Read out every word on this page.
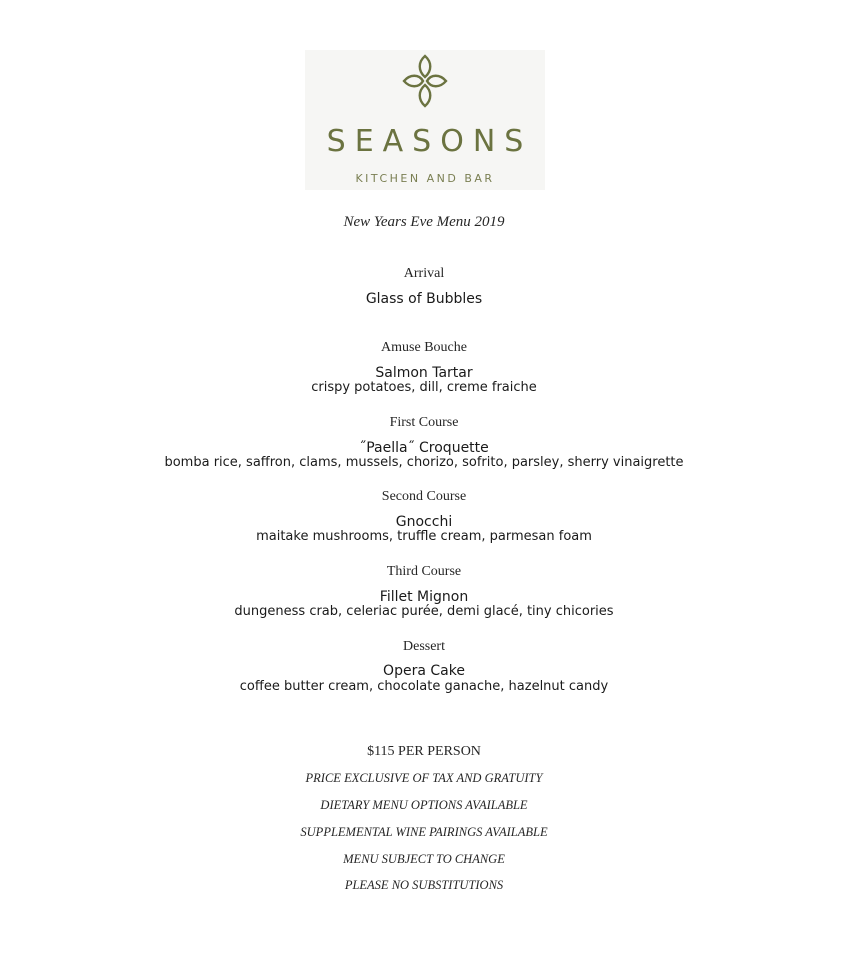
SEASONS
KITCHEN AND BAR
New Years Eve Menu 2019
Arrival
Glass of Bubbles
Amuse Bouche
Salmon Tartar
crispy potatoes, dill, creme fraiche
First Course
˝Paella˝ Croquette
bomba rice, saffron, clams, mussels, chorizo, sofrito, parsley, sherry vinaigrette
Second Course
Gnocchi
maitake mushrooms, truffle cream, parmesan foam
Third Course
Fillet Mignon
dungeness crab, celeriac purée, demi glacé, tiny chicories
Dessert
Opera Cake
coffee butter cream, chocolate ganache, hazelnut candy
$115 PER PERSON
PRICE EXCLUSIVE OF TAX AND GRATUITY
DIETARY MENU OPTIONS AVAILABLE
SUPPLEMENTAL WINE PAIRINGS AVAILABLE
MENU SUBJECT TO CHANGE
PLEASE NO SUBSTITUTIONS
